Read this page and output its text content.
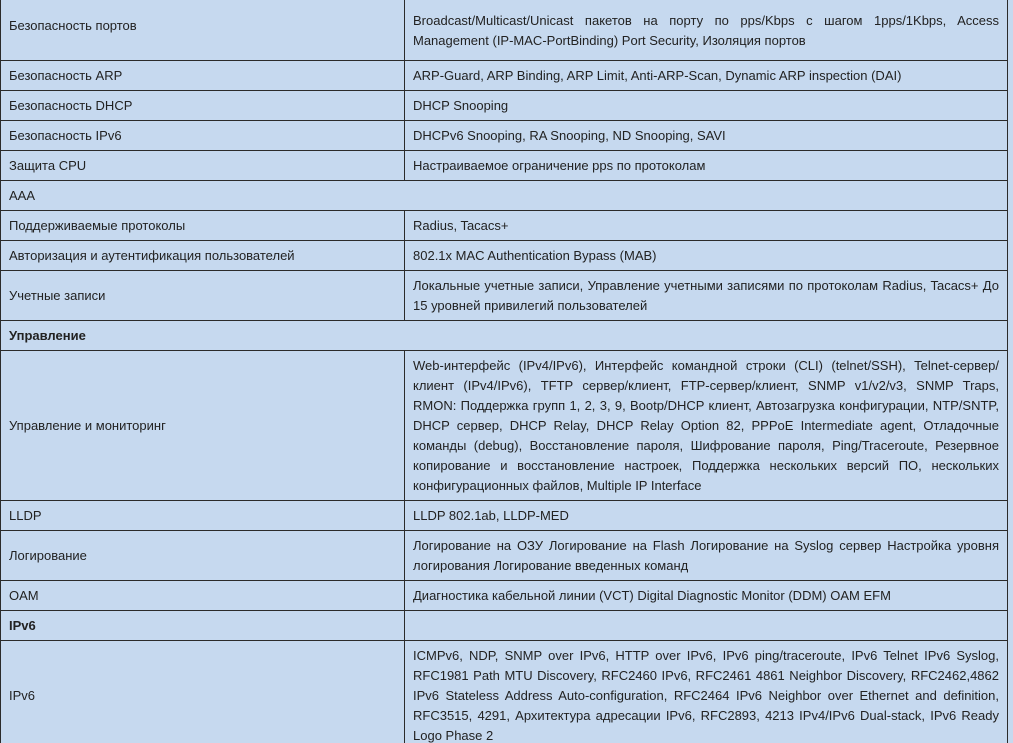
Безопасность портов	Broadcast/Multicast/Unicast пакетов на порту по pps/Kbps с шагом 1pps/1Kbps, Access Management (IP-MAC-PortBinding) Port Security, Изоляция портов
Безопасность ARP	ARP-Guard, ARP Binding, ARP Limit, Anti-ARP-Scan, Dynamic ARP inspection (DAI)
Безопасность DHCP	DHCP Snooping
Безопасность IPv6	DHCPv6 Snooping, RA Snooping, ND Snooping, SAVI
Защита CPU	Настраиваемое ограничение pps по протоколам
AAA	
Поддерживаемые протоколы	Radius, Tacacs+
Авторизация и аутентификация пользователей	802.1x MAC Authentication Bypass (MAB)
Учетные записи	Локальные учетные записи, Управление учетными записями по протоколам Radius, Tacacs+ До 15 уровней привилегий пользователей
Управление	
Управление и мониторинг	Web-интерфейс (IPv4/IPv6), Интерфейс командной строки (CLI) (telnet/SSH), Telnet-сервер/клиент (IPv4/IPv6), TFTP сервер/клиент, FTP-сервер/клиент, SNMP v1/v2/v3, SNMP Traps, RMON: Поддержка групп 1, 2, 3, 9, Bootp/DHCP клиент, Автозагрузка конфигурации, NTP/SNTP, DHCP сервер, DHCP Relay, DHCP Relay Option 82, PPPoE Intermediate agent, Отладочные команды (debug), Восстановление пароля, Шифрование пароля, Ping/Traceroute, Резервное копирование и восстановление настроек, Поддержка нескольких версий ПО, нескольких конфигурационных файлов, Multiple IP Interface
LLDP	LLDP 802.1ab, LLDP-MED
Логирование	Логирование на ОЗУ Логирование на Flash Логирование на Syslog сервер Настройка уровня логирования Логирование введенных команд
OAM	Диагностика кабельной линии (VCT) Digital Diagnostic Monitor (DDM) OAM EFM
IPv6	
IPv6	ICMPv6, NDP, SNMP over IPv6, HTTP over IPv6, IPv6 ping/traceroute, IPv6 Telnet IPv6 Syslog, RFC1981 Path MTU Discovery, RFC2460 IPv6, RFC2461 4861 Neighbor Discovery, RFC2462,4862 IPv6 Stateless Address Auto-configuration, RFC2464 IPv6 Neighbor over Ethernet and definition, RFC3515, 4291, Архитектура адресации IPv6, RFC2893, 4213 IPv4/IPv6 Dual-stack, IPv6 Ready Logo Phase 2
